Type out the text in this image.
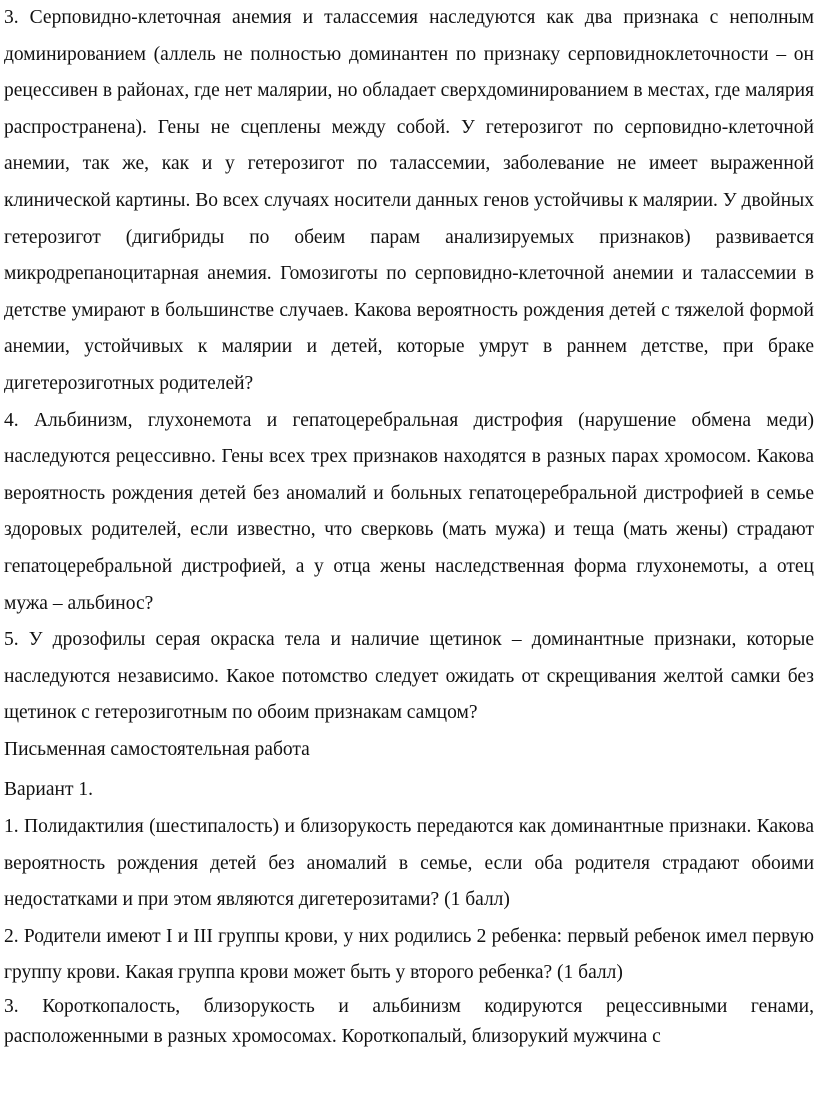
3. Серповидно-клеточная анемия и талассемия наследуются как два признака с неполным доминированием (аллель не полностью доминантен по признаку серповидноклеточности – он рецессивен в районах, где нет малярии, но обладает сверхдоминированием в местах, где малярия распространена). Гены не сцеплены между собой. У гетерозигот по серповидно-клеточной анемии, так же, как и у гетерозигот по талассемии, заболевание не имеет выраженной клинической картины. Во всех случаях носители данных генов устойчивы к малярии. У двойных гетерозигот (дигибриды по обеим парам анализируемых признаков) развивается микродрепаноцитарная анемия. Гомозиготы по серповидно-клеточной анемии и талассемии в детстве умирают в большинстве случаев. Какова вероятность рождения детей с тяжелой формой анемии, устойчивых к малярии и детей, которые умрут в раннем детстве, при браке дигетерозиготных родителей?

4. Альбинизм, глухонемота и гепатоцеребральная дистрофия (нарушение обмена меди) наследуются рецессивно. Гены всех трех признаков находятся в разных парах хромосом. Какова вероятность рождения детей без аномалий и больных гепатоцеребральной дистрофией в семье здоровых родителей, если известно, что сверковь (мать мужа) и теща (мать жены) страдают гепатоцеребральной дистрофией, а у отца жены наследственная форма глухонемоты, а отец мужа – альбинос?

5. У дрозофилы серая окраска тела и наличие щетинок – доминантные признаки, которые наследуются независимо. Какое потомство следует ожидать от скрещивания желтой самки без щетинок с гетерозиготным по обоим признакам самцом?

Письменная самостоятельная работа

Вариант 1.

1. Полидактилия (шестипалость) и близорукость передаются как доминантные признаки. Какова вероятность рождения детей без аномалий в семье, если оба родителя страдают обоими недостатками и при этом являются дигетерозитами? (1 балл)

2. Родители имеют I и III группы крови, у них родились 2 ребенка: первый ребенок имел первую группу крови. Какая группа крови может быть у второго ребенка? (1 балл)

3. Короткопалость, близорукость и альбинизм кодируются рецессивными генами, расположенными в разных хромосомах. Короткопалый, близорукий мужчина с
